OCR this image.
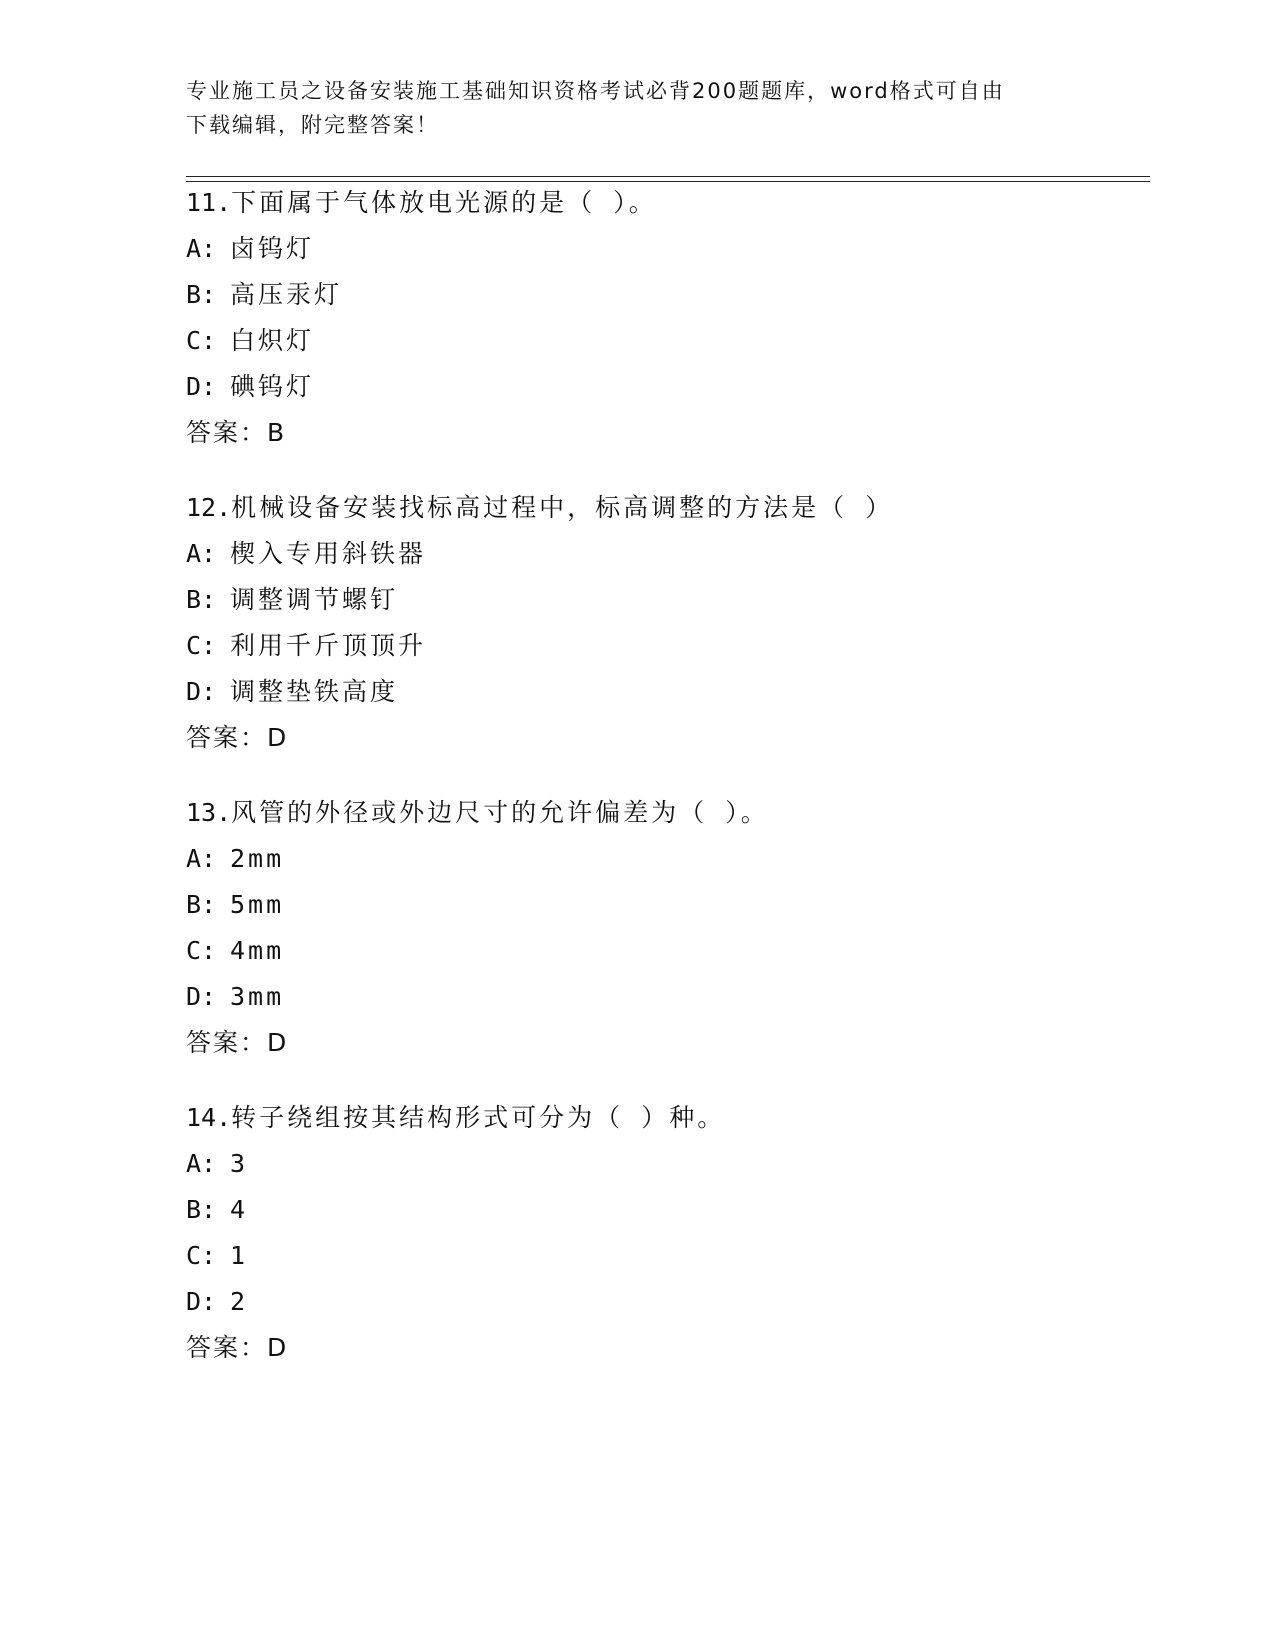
专业施工员之设备安装施工基础知识资格考试必背200题题库，word格式可自由
下载编辑，附完整答案！
11.下面属于气体放电光源的是（ ）。
A: 卤钨灯
B: 高压汞灯
C: 白炽灯
D: 碘钨灯
答案：B
12.机械设备安装找标高过程中，标高调整的方法是（ ）
A: 楔入专用斜铁器
B: 调整调节螺钉
C: 利用千斤顶顶升
D: 调整垫铁高度
答案：D
13.风管的外径或外边尺寸的允许偏差为（ ）。
A: 2mm
B: 5mm
C: 4mm
D: 3mm
答案：D
14.转子绕组按其结构形式可分为（ ）种。
A: 3
B: 4
C: 1
D: 2
答案：D
